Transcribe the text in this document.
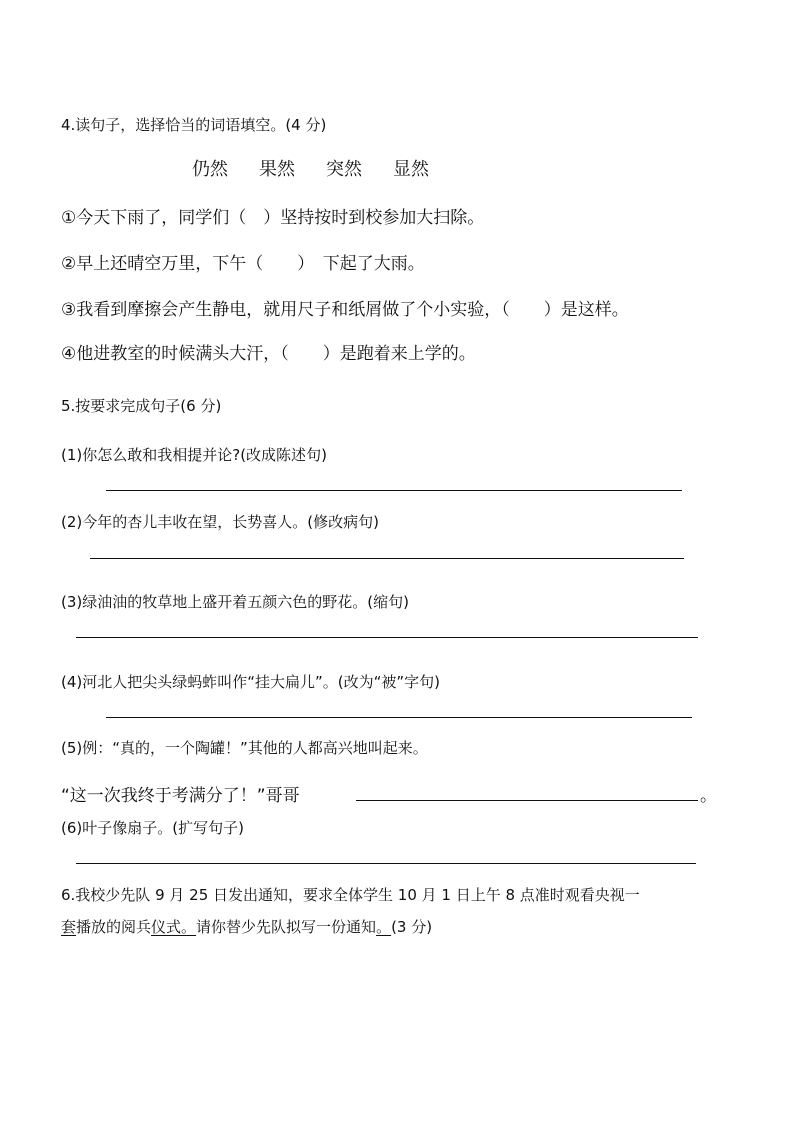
4.读句子，选择恰当的词语填空。(4 分)
仍然 果然 突然 显然
①今天下雨了，同学们（　）坚持按时到校参加大扫除。
②早上还晴空万里，下午（　　）　下起了大雨。
③我看到摩擦会产生静电，就用尺子和纸屑做了个小实验，（　　）是这样。
④他进教室的时候满头大汗，（　　）是跑着来上学的。
5.按要求完成句子(6 分)
(1)你怎么敢和我相提并论?(改成陈述句)
(2)今年的杏儿丰收在望，长势喜人。(修改病句)
(3)绿油油的牧草地上盛开着五颜六色的野花。(缩句)
(4)河北人把尖头绿蚂蚱叫作“挂大扁儿”。(改为“被”字句)
(5)例：“真的，一个陶罐！”其他的人都高兴地叫起来。
“这一次我终于考满分了！”哥哥	。
(6)叶子像扇子。(扩写句子)
6.我校少先队 9 月 25 日发出通知，要求全体学生 10 月 1 日上午 8 点准时观看央视一
套播放的阅兵仪式。请你替少先队拟写一份通知。(3 分)
